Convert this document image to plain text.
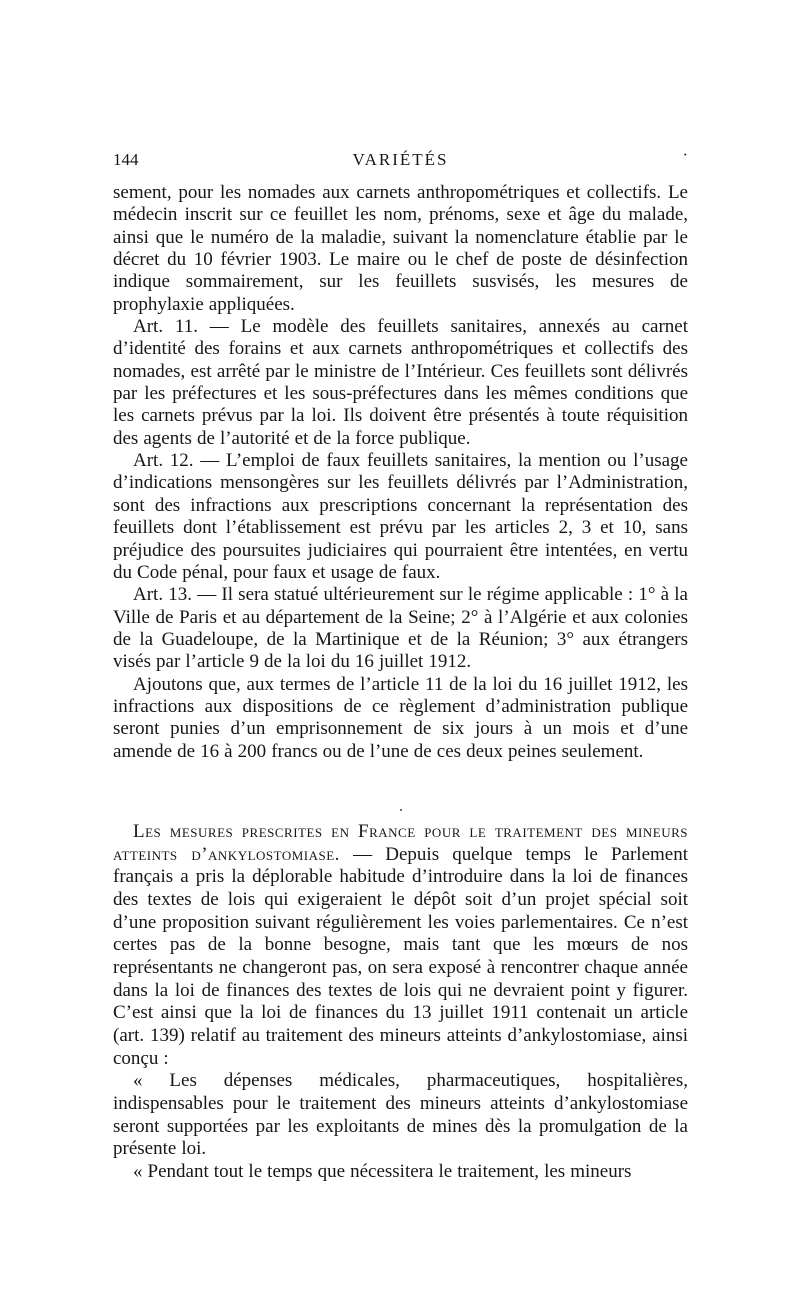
144	VARIÉTÉS	·

sement, pour les nomades aux carnets anthropométriques et collectifs. Le médecin inscrit sur ce feuillet les nom, prénoms, sexe et âge du malade, ainsi que le numéro de la maladie, suivant la nomenclature établie par le décret du 10 février 1903. Le maire ou le chef de poste de désinfection indique sommairement, sur les feuillets susvisés, les mesures de prophylaxie appliquées.

Art. 11. — Le modèle des feuillets sanitaires, annexés au carnet d’identité des forains et aux carnets anthropométriques et collectifs des nomades, est arrêté par le ministre de l’Intérieur. Ces feuillets sont délivrés par les préfectures et les sous-préfectures dans les mêmes conditions que les carnets prévus par la loi. Ils doivent être présentés à toute réquisition des agents de l’autorité et de la force publique.

Art. 12. — L’emploi de faux feuillets sanitaires, la mention ou l’usage d’indications mensongères sur les feuillets délivrés par l’Administration, sont des infractions aux prescriptions concernant la représentation des feuillets dont l’établissement est prévu par les articles 2, 3 et 10, sans préjudice des poursuites judiciaires qui pourraient être intentées, en vertu du Code pénal, pour faux et usage de faux.

Art. 13. — Il sera statué ultérieurement sur le régime applicable : 1° à la Ville de Paris et au département de la Seine; 2° à l’Algérie et aux colonies de la Guadeloupe, de la Martinique et de la Réunion; 3° aux étrangers visés par l’article 9 de la loi du 16 juillet 1912.

Ajoutons que, aux termes de l’article 11 de la loi du 16 juillet 1912, les infractions aux dispositions de ce règlement d’administration publique seront punies d’un emprisonnement de six jours à un mois et d’une amende de 16 à 200 francs ou de l’une de ces deux peines seulement.

Les mesures prescrites en France pour le traitement des mineurs atteints d’ankylostomiase. — Depuis quelque temps le Parlement français a pris la déplorable habitude d’introduire dans la loi de finances des textes de lois qui exigeraient le dépôt soit d’un projet spécial soit d’une proposition suivant régulièrement les voies parlementaires. Ce n’est certes pas de la bonne besogne, mais tant que les mœurs de nos représentants ne changeront pas, on sera exposé à rencontrer chaque année dans la loi de finances des textes de lois qui ne devraient point y figurer. C’est ainsi que la loi de finances du 13 juillet 1911 contenait un article (art. 139) relatif au traitement des mineurs atteints d’ankylostomiase, ainsi conçu :

« Les dépenses médicales, pharmaceutiques, hospitalières, indispensables pour le traitement des mineurs atteints d’ankylostomiase seront supportées par les exploitants de mines dès la promulgation de la présente loi.

« Pendant tout le temps que nécessitera le traitement, les mineurs
